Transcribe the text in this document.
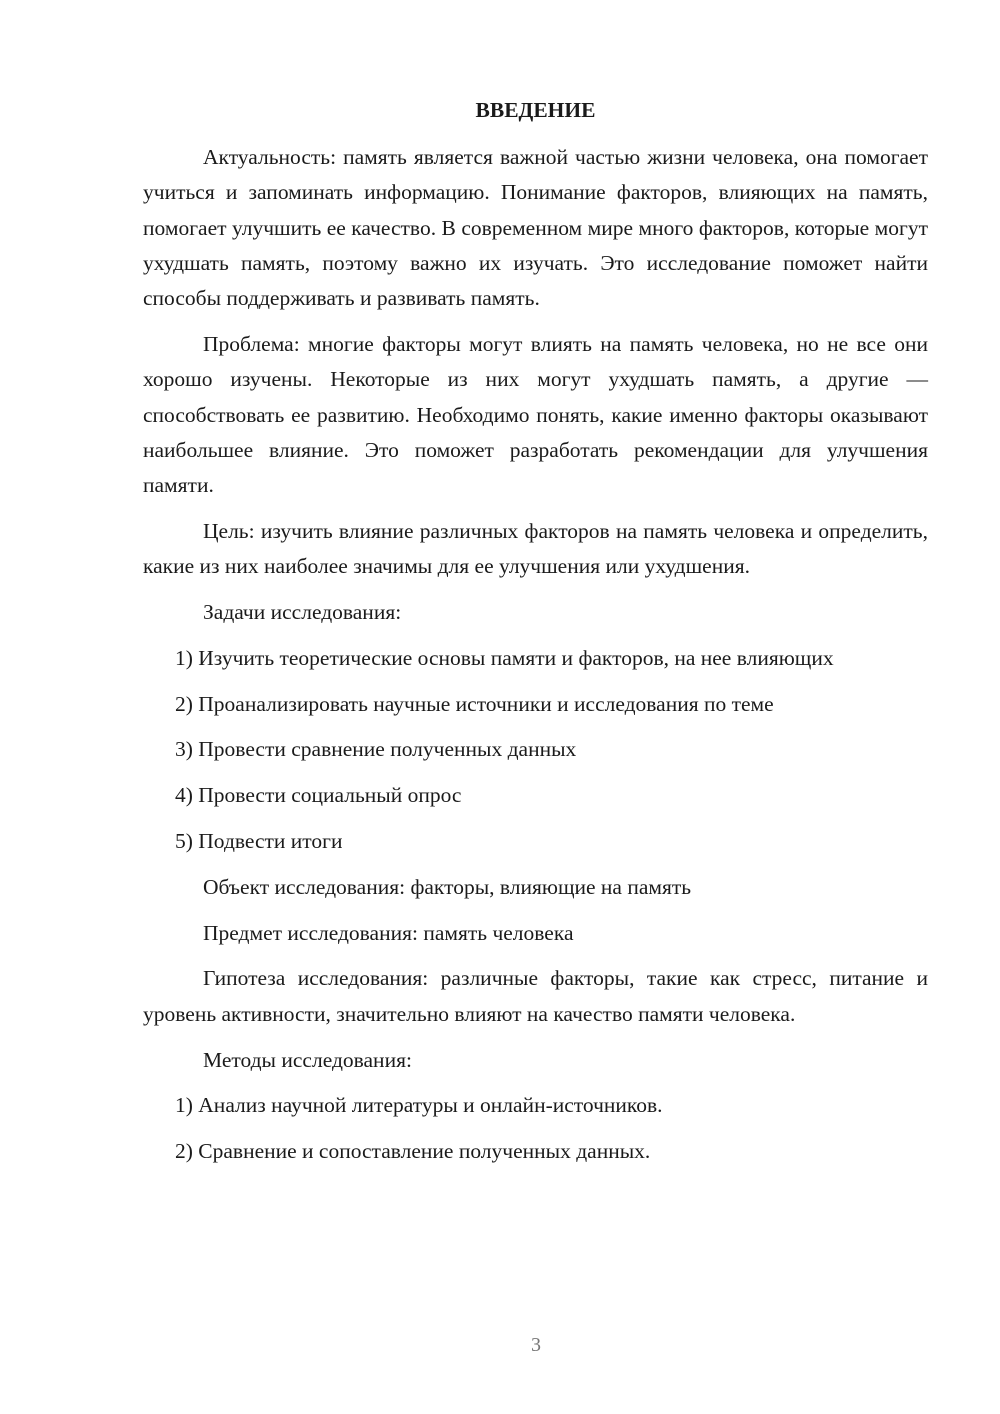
ВВЕДЕНИЕ

Актуальность: память является важной частью жизни человека, она помогает учиться и запоминать информацию. Понимание факторов, влияющих на память, помогает улучшить ее качество. В современном мире много факторов, которые могут ухудшать память, поэтому важно их изучать. Это исследование поможет найти способы поддерживать и развивать память.

Проблема: многие факторы могут влиять на память человека, но не все они хорошо изучены. Некоторые из них могут ухудшать память, а другие — способствовать ее развитию. Необходимо понять, какие именно факторы оказывают наибольшее влияние. Это поможет разработать рекомендации для улучшения памяти.

Цель: изучить влияние различных факторов на память человека и определить, какие из них наиболее значимы для ее улучшения или ухудшения.

Задачи исследования:

1) Изучить теоретические основы памяти и факторов, на нее влияющих

2) Проанализировать научные источники и исследования по теме

3) Провести сравнение полученных данных

4) Провести социальный опрос

5) Подвести итоги

Объект исследования: факторы, влияющие на память

Предмет исследования: память человека

Гипотеза исследования: различные факторы, такие как стресс, питание и уровень активности, значительно влияют на качество памяти человека.

Методы исследования:

1) Анализ научной литературы и онлайн-источников.

2) Сравнение и сопоставление полученных данных.

3
